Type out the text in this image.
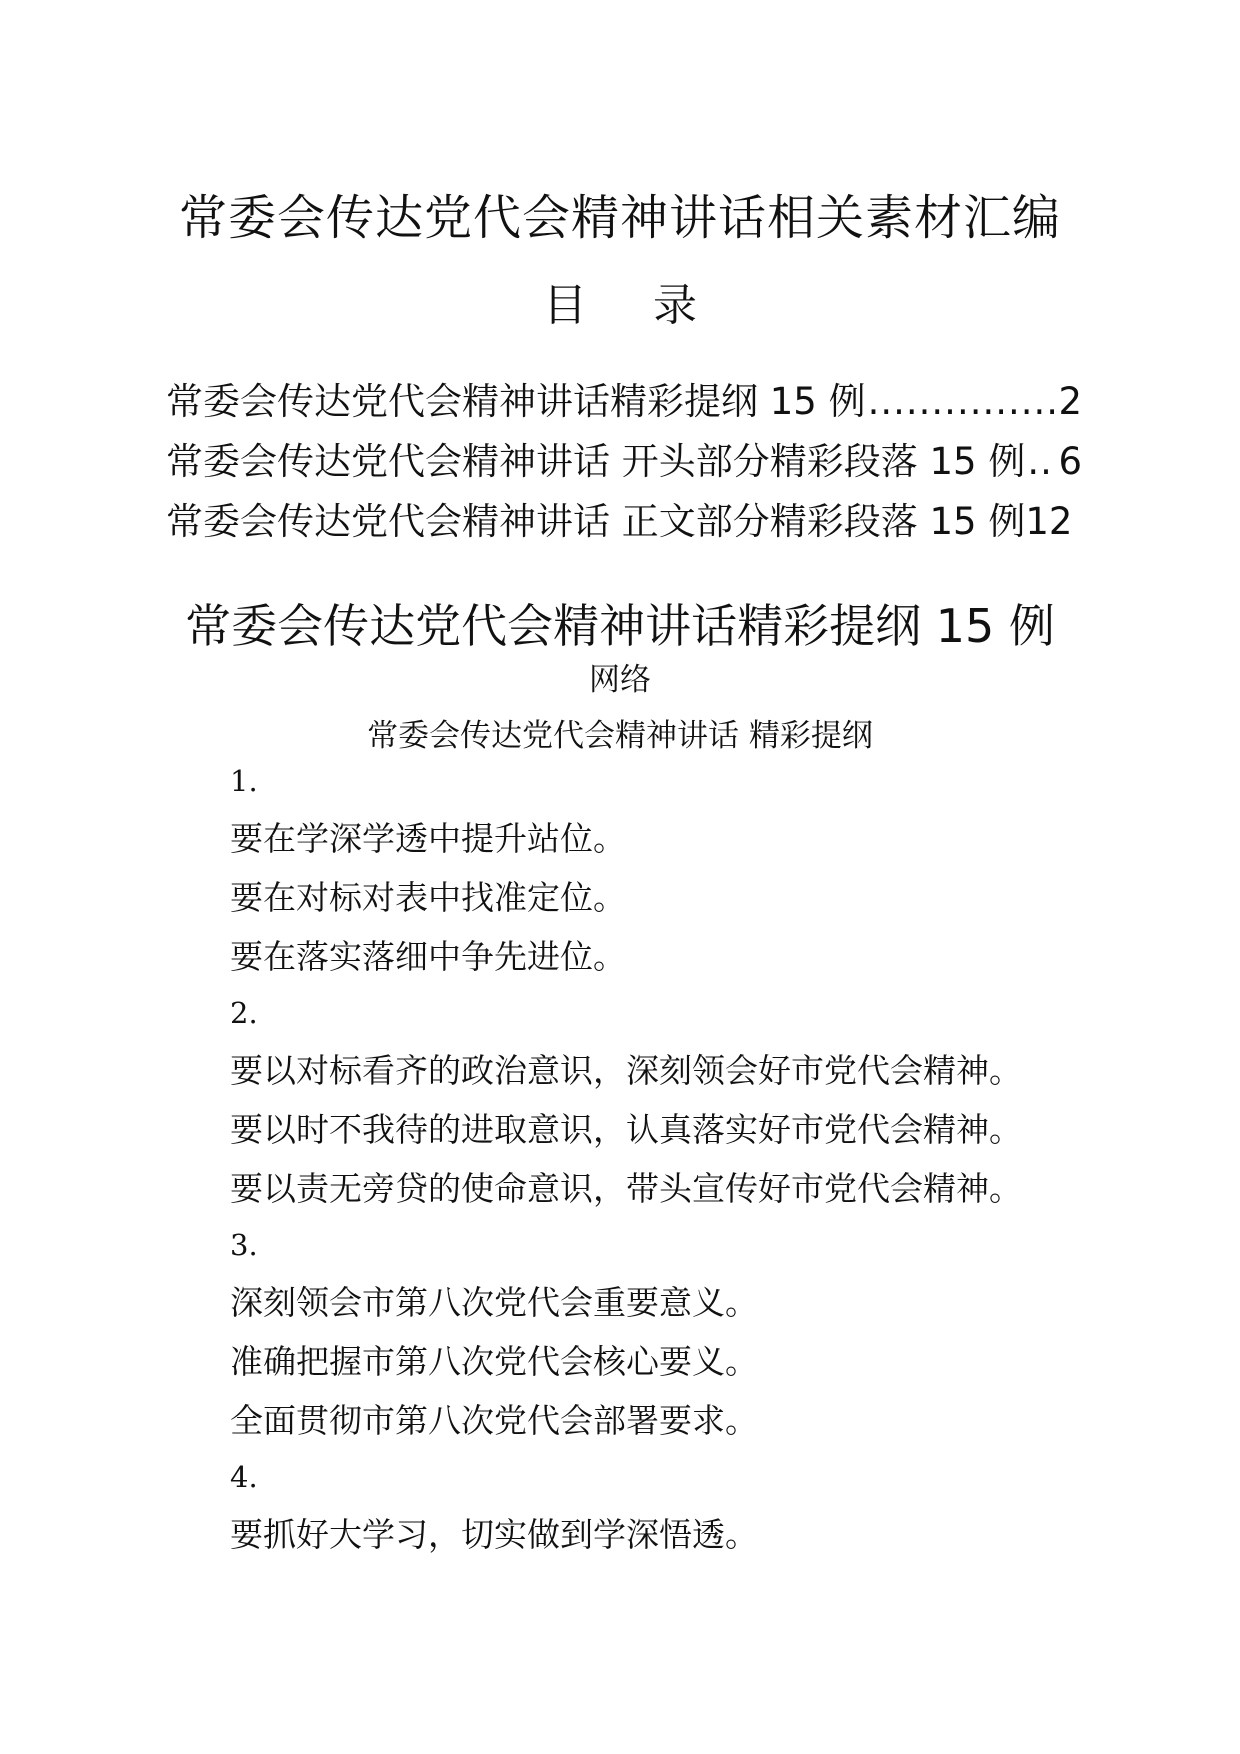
常委会传达党代会精神讲话相关素材汇编
目 录
常委会传达党代会精神讲话精彩提纲 15 例 .....	2
常委会传达党代会精神讲话 开头部分精彩段落 15 例 ..... 6
常委会传达党代会精神讲话 正文部分精彩段落 15 例 12
常委会传达党代会精神讲话精彩提纲 15 例
网络
常委会传达党代会精神讲话 精彩提纲
1.
要在学深学透中提升站位。
要在对标对表中找准定位。
要在落实落细中争先进位。
2.
要以对标看齐的政治意识，深刻领会好市党代会精神。
要以时不我待的进取意识，认真落实好市党代会精神。
要以责无旁贷的使命意识，带头宣传好市党代会精神。
3.
深刻领会市第八次党代会重要意义。
准确把握市第八次党代会核心要义。
全面贯彻市第八次党代会部署要求。
4.
要抓好大学习，切实做到学深悟透。
